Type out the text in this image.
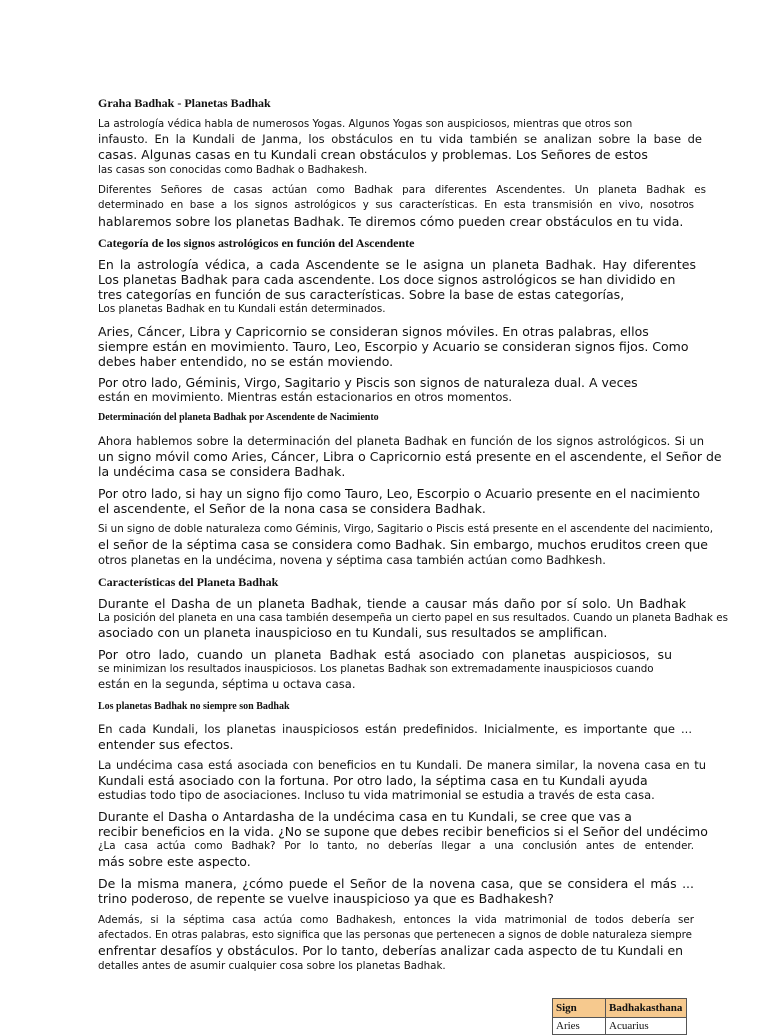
Graha Badhak - Planetas Badhak
La astrología védica habla de numerosos Yogas. Algunos Yogas son auspiciosos, mientras que otros son
infausto. En la Kundali de Janma, los obstáculos en tu vida también se analizan sobre la base de
casas. Algunas casas en tu Kundali crean obstáculos y problemas. Los Señores de estos
las casas son conocidas como Badhak o Badhakesh.
Diferentes Señores de casas actúan como Badhak para diferentes Ascendentes. Un planeta Badhak es
determinado en base a los signos astrológicos y sus características. En esta transmisión en vivo, nosotros
hablaremos sobre los planetas Badhak. Te diremos cómo pueden crear obstáculos en tu vida.
Categoría de los signos astrológicos en función del Ascendente
En la astrología védica, a cada Ascendente se le asigna un planeta Badhak. Hay diferentes
Los planetas Badhak para cada ascendente. Los doce signos astrológicos se han dividido en
tres categorías en función de sus características. Sobre la base de estas categorías,
Los planetas Badhak en tu Kundali están determinados.
Aries, Cáncer, Libra y Capricornio se consideran signos móviles. En otras palabras, ellos
siempre están en movimiento. Tauro, Leo, Escorpio y Acuario se consideran signos fijos. Como
debes haber entendido, no se están moviendo.
Por otro lado, Géminis, Virgo, Sagitario y Piscis son signos de naturaleza dual. A veces
están en movimiento. Mientras están estacionarios en otros momentos.
Determinación del planeta Badhak por Ascendente de Nacimiento
Ahora hablemos sobre la determinación del planeta Badhak en función de los signos astrológicos. Si un
un signo móvil como Aries, Cáncer, Libra o Capricornio está presente en el ascendente, el Señor de
la undécima casa se considera Badhak.
Por otro lado, si hay un signo fijo como Tauro, Leo, Escorpio o Acuario presente en el nacimiento
el ascendente, el Señor de la nona casa se considera Badhak.
Si un signo de doble naturaleza como Géminis, Virgo, Sagitario o Piscis está presente en el ascendente del nacimiento,
el señor de la séptima casa se considera como Badhak. Sin embargo, muchos eruditos creen que
otros planetas en la undécima, novena y séptima casa también actúan como Badhkesh.
Características del Planeta Badhak
Durante el Dasha de un planeta Badhak, tiende a causar más daño por sí solo. Un Badhak
La posición del planeta en una casa también desempeña un cierto papel en sus resultados. Cuando un planeta Badhak es
asociado con un planeta inauspicioso en tu Kundali, sus resultados se amplifican.
Por otro lado, cuando un planeta Badhak está asociado con planetas auspiciosos, su
se minimizan los resultados inauspiciosos. Los planetas Badhak son extremadamente inauspiciosos cuando
están en la segunda, séptima u octava casa.
Los planetas Badhak no siempre son Badhak
En cada Kundali, los planetas inauspiciosos están predefinidos. Inicialmente, es importante que ...
entender sus efectos.
La undécima casa está asociada con beneficios en tu Kundali. De manera similar, la novena casa en tu
Kundali está asociado con la fortuna. Por otro lado, la séptima casa en tu Kundali ayuda
estudias todo tipo de asociaciones. Incluso tu vida matrimonial se estudia a través de esta casa.
Durante el Dasha o Antardasha de la undécima casa en tu Kundali, se cree que vas a
recibir beneficios en la vida. ¿No se supone que debes recibir beneficios si el Señor del undécimo
¿La casa actúa como Badhak? Por lo tanto, no deberías llegar a una conclusión antes de entender.
más sobre este aspecto.
De la misma manera, ¿cómo puede el Señor de la novena casa, que se considera el más ...
trino poderoso, de repente se vuelve inauspicioso ya que es Badhakesh?
Además, si la séptima casa actúa como Badhakesh, entonces la vida matrimonial de todos debería ser
afectados. En otras palabras, esto significa que las personas que pertenecen a signos de doble naturaleza siempre
enfrentar desafíos y obstáculos. Por lo tanto, deberías analizar cada aspecto de tu Kundali en
detalles antes de asumir cualquier cosa sobre los planetas Badhak.
Sign	Badhakasthana
Aries	Acuarius
